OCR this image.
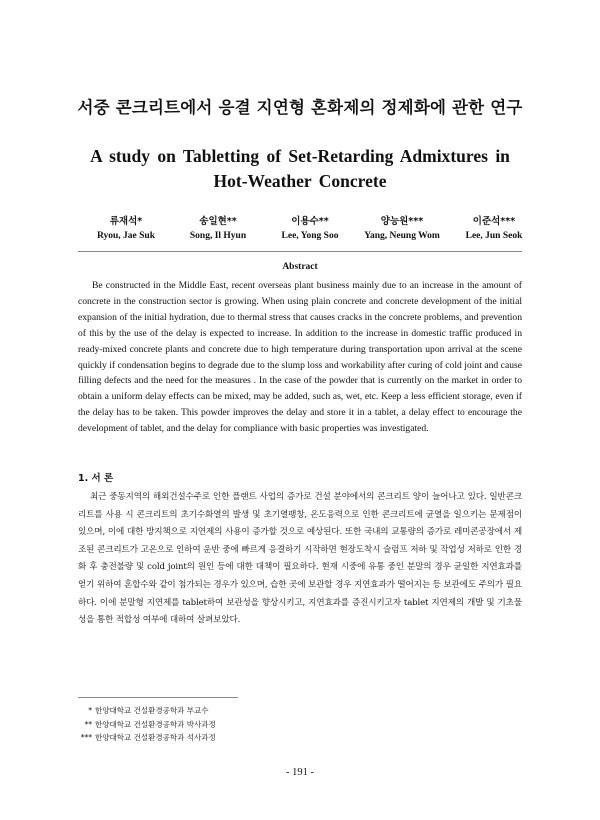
서중 콘크리트에서 응결 지연형 혼화제의 정제화에 관한 연구
A study on Tabletting of Set-Retarding Admixtures in Hot-Weather Concrete
류재석*
Ryou, Jae Suk
송일현**
Song, Il Hyun
이용수**
Lee, Yong Soo
양능원***
Yang, Neung Wom
이준석***
Lee, Jun Seok
Abstract

Be constructed in the Middle East, recent overseas plant business mainly due to an increase in the amount of concrete in the construction sector is growing. When using plain concrete and concrete development of the initial expansion of the initial hydration, due to thermal stress that causes cracks in the concrete problems, and prevention of this by the use of the delay is expected to increase. In addition to the increase in domestic traffic produced in ready-mixed concrete plants and concrete due to high temperature during transportation upon arrival at the scene quickly if condensation begins to degrade due to the slump loss and workability after curing of cold joint and cause filling defects and the need for the measures . In the case of the powder that is currently on the market in order to obtain a uniform delay effects can be mixed, may be added, such as, wet, etc. Keep a less efficient storage, even if the delay has to be taken. This powder improves the delay and store it in a tablet, a delay effect to encourage the development of tablet, and the delay for compliance with basic properties was investigated.

1. 서 론

최근 중동지역의 해외건설수주로 인한 플랜트 사업의 증가로 건설 분야에서의 콘크리트 양이 늘어나고 있다. 일반콘크리트를 사용 시 콘크리트의 초기수화열의 발생 및 초기열팽창, 온도응력으로 인한 콘크리트에 균열을 일으키는 문제점이 있으며, 이에 대한 방지책으로 지연제의 사용이 증가할 것으로 예상된다. 또한 국내의 교통량의 증가로 레미콘공장에서 제조된 콘크리트가 고온으로 인하여 운반 중에 빠르게 응결하기 시작하면 현장도착시 슬럼프 저하 및 작업성 저하로 인한 경화 후 충전불량 및 cold joint의 원인 등에 대한 대책이 필요하다. 현재 시중에 유통 중인 분말의 경우 균일한 지연효과를 얻기 위하여 혼합수와 같이 첨가되는 경우가 있으며, 습한 곳에 보관할 경우 지연효과가 떨어지는 등 보관에도 주의가 필요하다. 이에 분말형 지연제를 tablet하여 보관성을 향상시키고, 지연효과를 증진시키고자 tablet 지연제의 개발 및 기초물성을 통한 적합성 여부에 대하여 살펴보았다.

* 한양대학교 건설환경공학과 부교수
** 한양대학교 건설환경공학과 박사과정
*** 한양대학교 건설환경공학과 석사과정
- 191 -
